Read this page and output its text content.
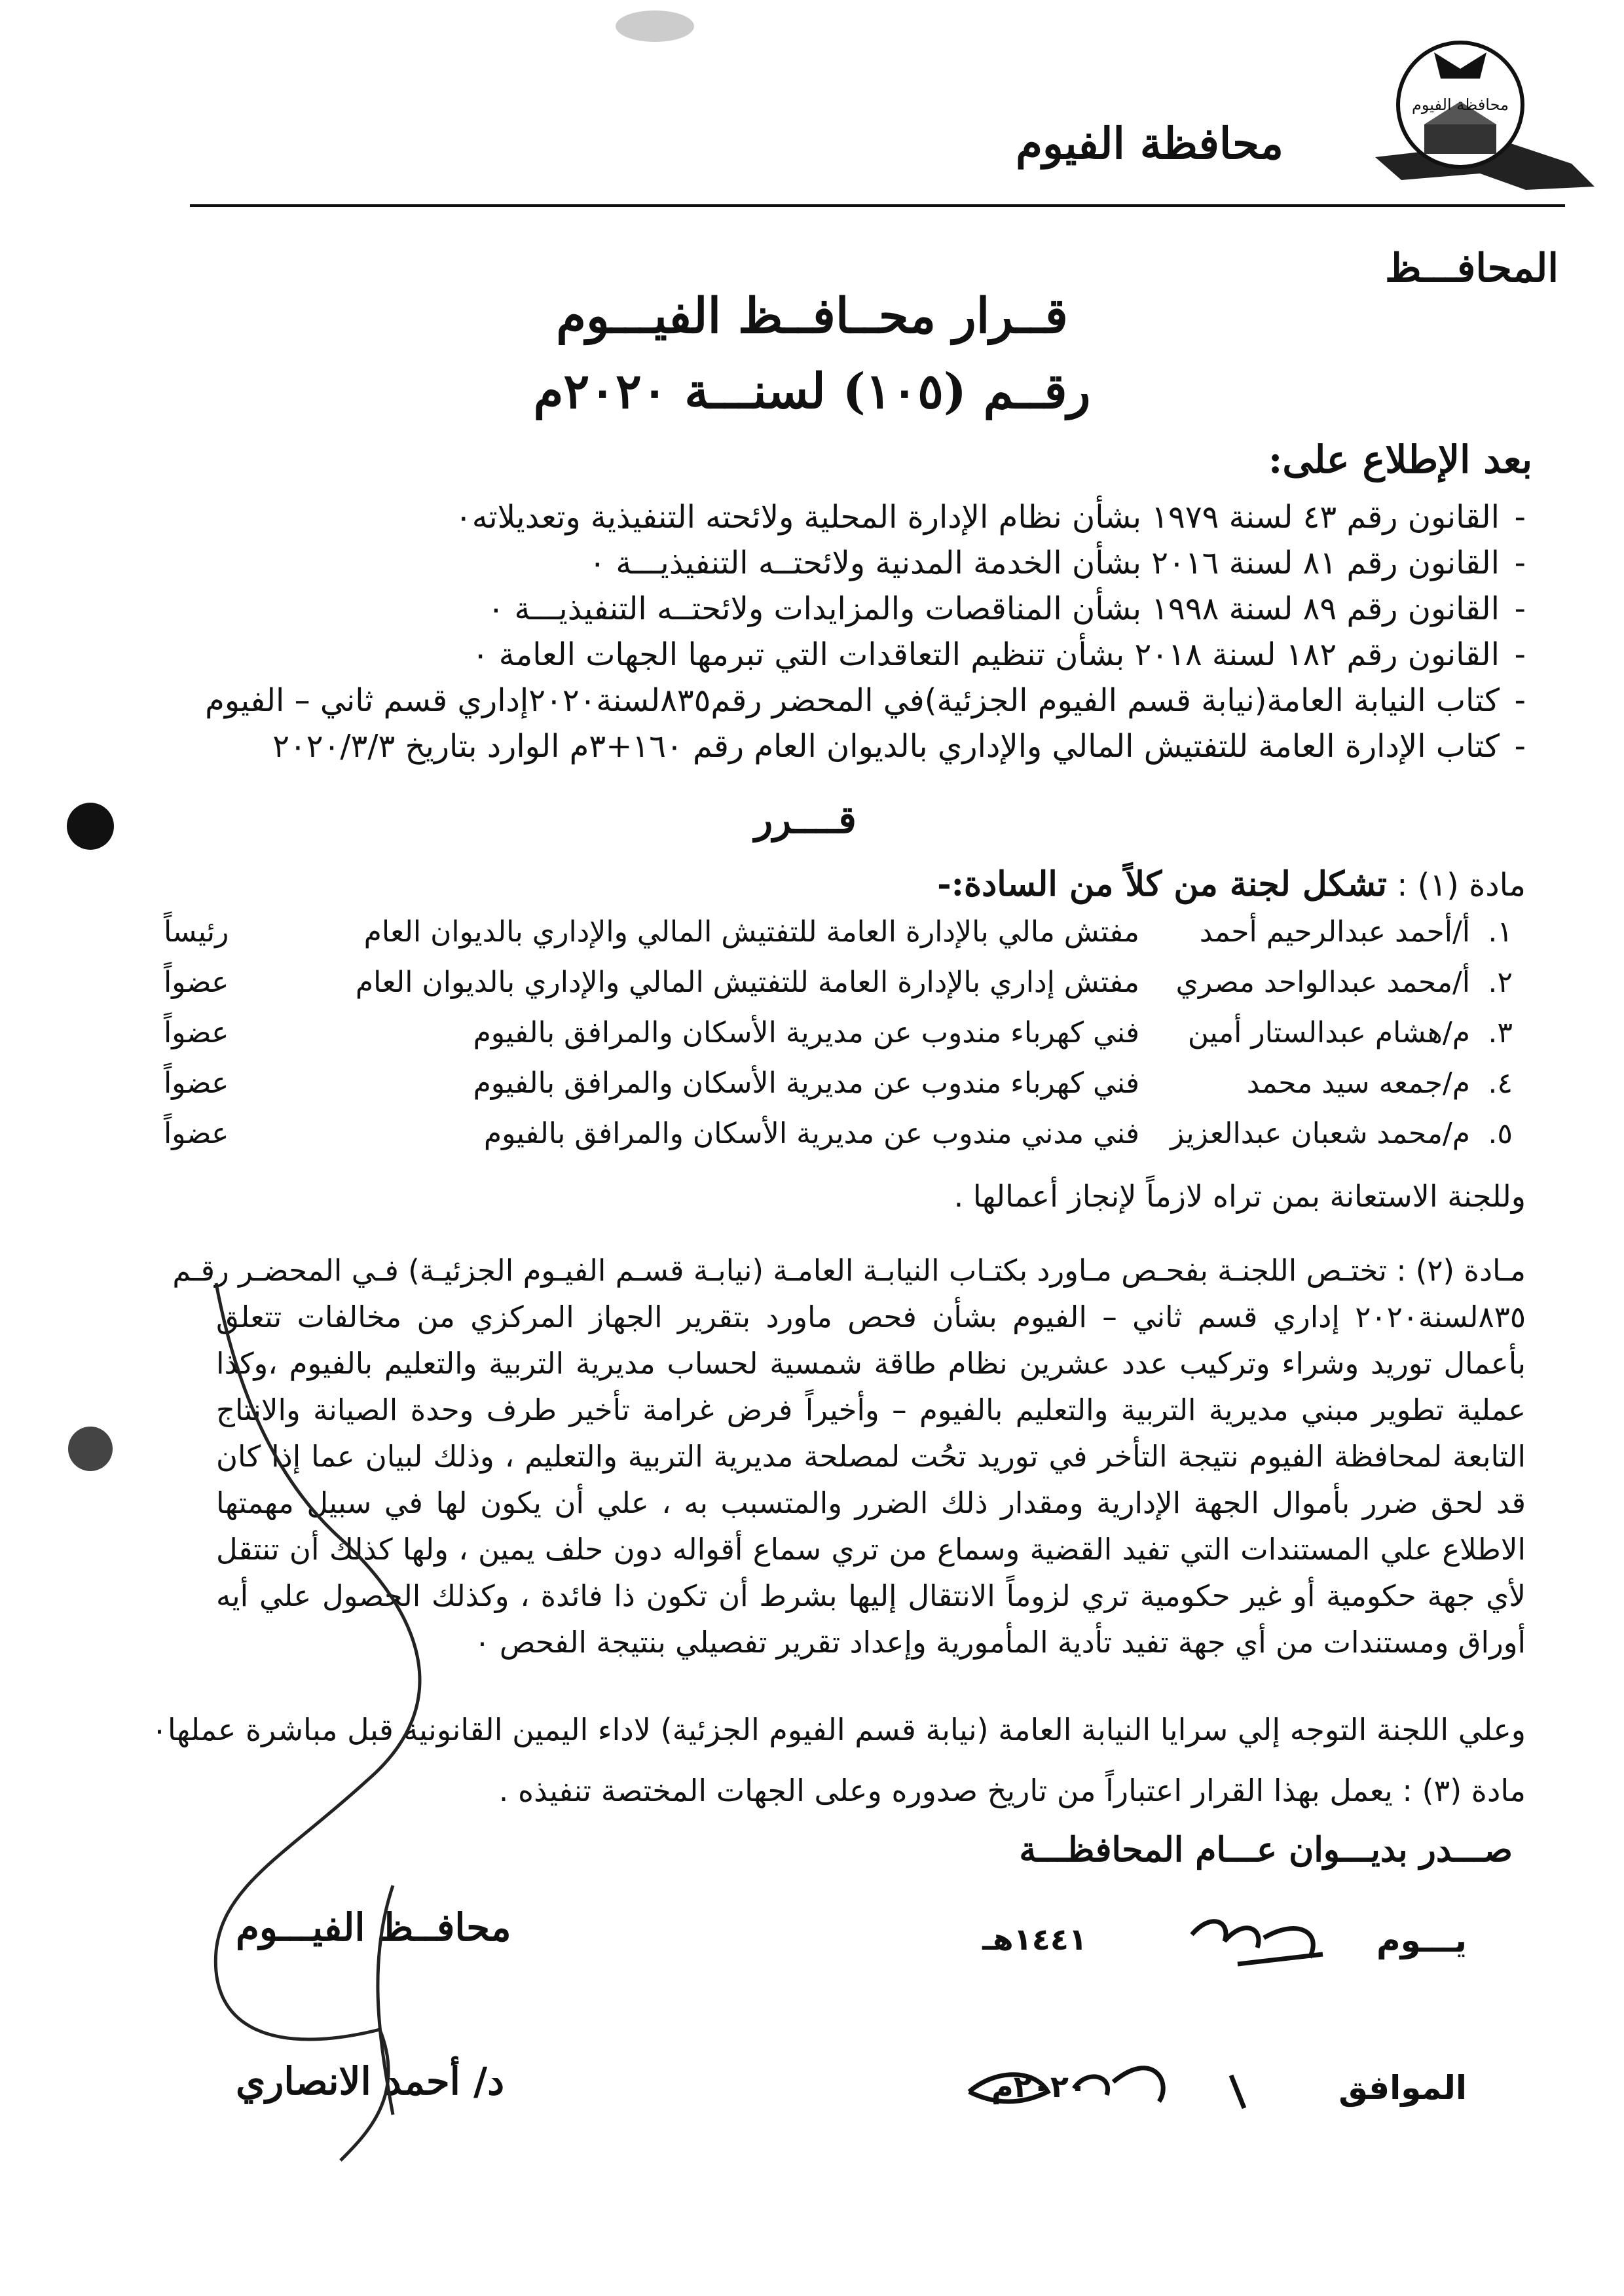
محافظة الفيوم
محافظة الفيوم
المحافـــظ
قــرار محــافــظ الفيـــوم
رقــم (١٠٥) لسنـــة ٢٠٢٠م
بعد الإطلاع على:
-القانون رقم ٤٣ لسنة ١٩٧٩ بشأن نظام الإدارة المحلية ولائحته التنفيذية وتعديلاته٠
-القانون رقم ٨١ لسنة ٢٠١٦ بشأن الخدمة المدنية ولائحتــه التنفيذيـــة ٠
-القانون رقم ٨٩ لسنة ١٩٩٨ بشأن المناقصات والمزايدات ولائحتــه التنفيذيـــة ٠
-القانون رقم ١٨٢ لسنة ٢٠١٨ بشأن تنظيم التعاقدات التي تبرمها الجهات العامة ٠
-كتاب النيابة العامة(نيابة قسم الفيوم الجزئية)في المحضر رقم٨٣٥لسنة٢٠٢٠إداري قسم ثاني – الفيوم
-كتاب الإدارة العامة للتفتيش المالي والإداري بالديوان العام رقم ١٦٠+٣م الوارد بتاريخ ٢٠٢٠/٣/٣
قــــرر
مادة (١) : تشكل لجنة من كلاً من السادة:-
١.
أ/أحمد عبدالرحيم أحمد
مفتش مالي بالإدارة العامة للتفتيش المالي والإداري بالديوان العام
رئيساً
٢.
أ/محمد عبدالواحد مصري
مفتش إداري بالإدارة العامة للتفتيش المالي والإداري بالديوان العام
عضواً
٣.
م/هشام عبدالستار أمين
فني كهرباء مندوب عن مديرية الأسكان والمرافق بالفيوم
عضواً
٤.
م/جمعه سيد محمد
فني كهرباء مندوب عن مديرية الأسكان والمرافق بالفيوم
عضواً
٥.
م/محمد شعبان عبدالعزيز
فني مدني مندوب عن مديرية الأسكان والمرافق بالفيوم
عضواً
وللجنة الاستعانة بمن تراه لازماً لإنجاز أعمالها .
مـادة (٢) : تختـص اللجنـة بفحـص مـاورد بكتـاب النيابـة العامـة (نيابـة قسـم الفيـوم الجزئيـة) فـي المحضـر رقـم
٨٣٥لسنة٢٠٢٠ إداري قسم ثاني – الفيوم بشأن فحص ماورد بتقرير الجهاز المركزي من مخالفات تتعلق بأعمال توريد وشراء وتركيب عدد عشرين نظام طاقة شمسية لحساب مديرية التربية والتعليم بالفيوم ،وكذا عملية تطوير مبني مديرية التربية والتعليم بالفيوم – وأخيراً فرض غرامة تأخير طرف وحدة الصيانة والانتاج التابعة لمحافظة الفيوم نتيجة التأخر في توريد تحُت لمصلحة مديرية التربية والتعليم ، وذلك لبيان عما إذا كان قد لحق ضرر بأموال الجهة الإدارية ومقدار ذلك الضرر والمتسبب به ، علي أن يكون لها في سبيل مهمتها الاطلاع علي المستندات التي تفيد القضية وسماع من تري سماع أقواله دون حلف يمين ، ولها كذلك أن تنتقل لأي جهة حكومية أو غير حكومية تري لزوماً الانتقال إليها بشرط أن تكون ذا فائدة ، وكذلك الحصول علي أيه أوراق ومستندات من أي جهة تفيد تأدية المأمورية وإعداد تقرير تفصيلي بنتيجة الفحص ٠
وعلي اللجنة التوجه إلي سرايا النيابة العامة (نيابة قسم الفيوم الجزئية) لاداء اليمين القانونية قبل مباشرة عملها٠
مادة (٣) : يعمل بهذا القرار اعتباراً من تاريخ صدوره وعلى الجهات المختصة تنفيذه .
صـــدر بديـــوان عـــام المحافظـــة
يـــوم
١٤٤١هـ
الموافق
٢٠٢٠م
محافــظ الفيـــوم
د/ أحمد الانصاري
